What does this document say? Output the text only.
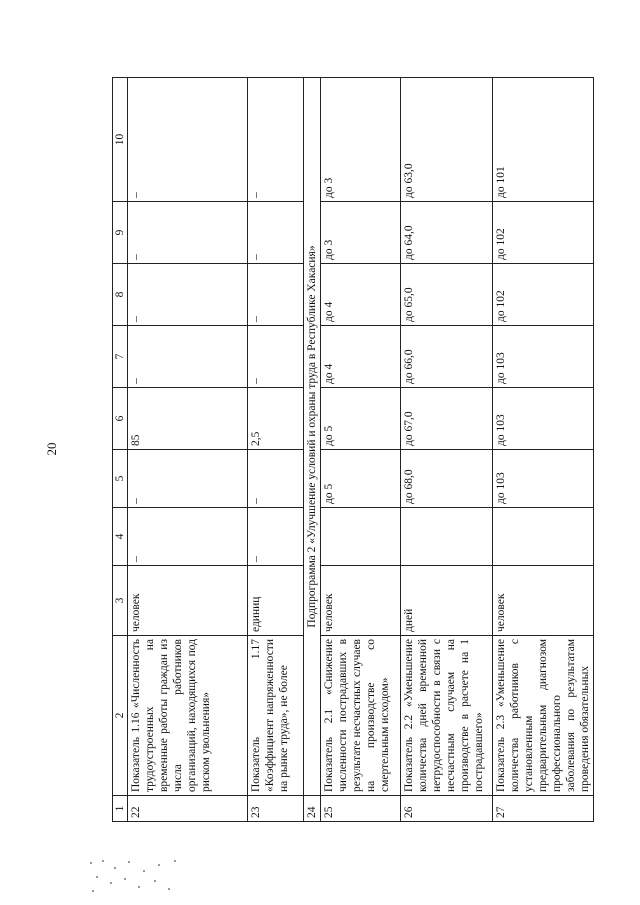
20
1	2	3	4	5	6	7	8	9	10
22	Показатель 1.16 «Численность трудоустроенных на временные работы граждан из числа работников организаций, находящихся под риском увольнения»	человек	–	–	85	–	–	–	–
23	Показатель 1.17 «Коэффициент напряженности на рынке труда», не более	единиц	–	–	2,5	–	–	–	–
24	Подпрограмма 2 «Улучшение условий и охраны труда в Республике Хакасия»								
25	Показатель 2.1 «Снижение численности пострадавших в результате несчастных случаев на производстве со смертельным исходом»	человек		до 5	до 5	до 4	до 4	до 3	до 3
26	Показатель 2.2 «Уменьшение количества дней временной нетрудоспособности в связи с несчастным случаем на производстве в расчете на 1 пострадавшего»	дней		до 68,0	до 67,0	до 66,0	до 65,0	до 64,0	до 63,0
27	Показатель 2.3 «Уменьшение количества работников с установленным предварительным диагнозом профессионального заболевания по результатам проведения обязательных	человек		до 103	до 103	до 103	до 102	до 102	до 101
